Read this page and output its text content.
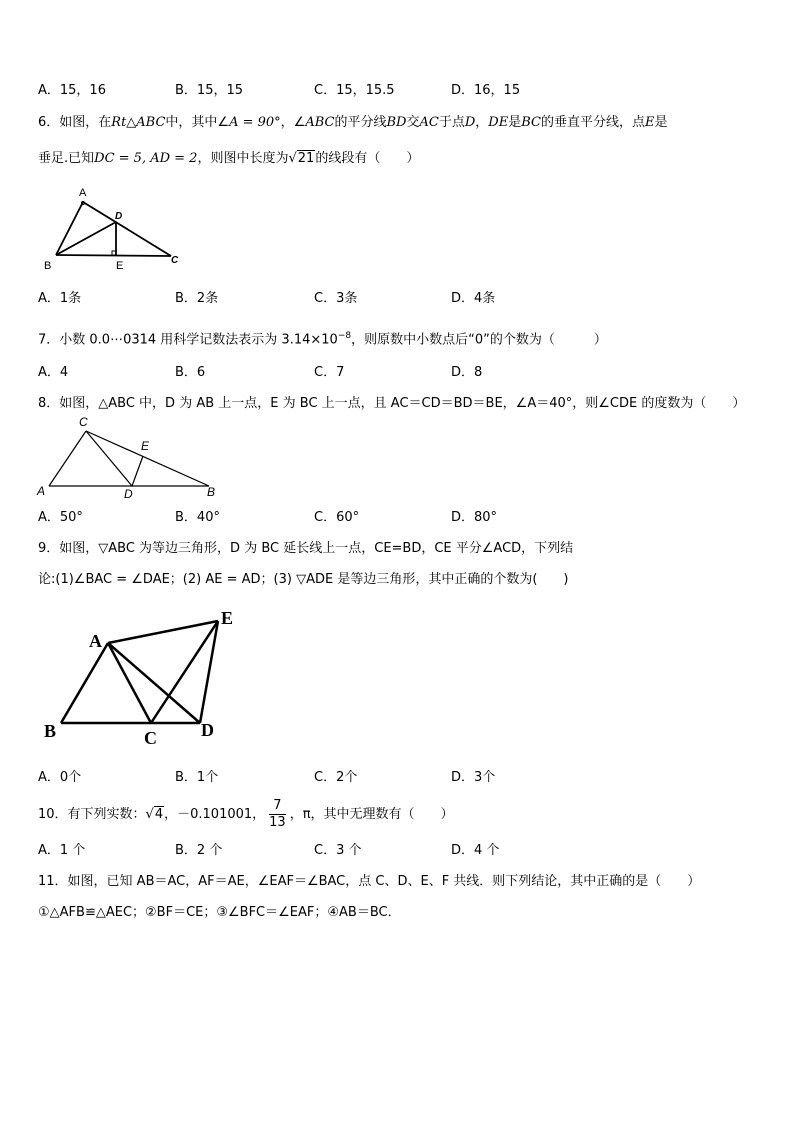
A．15，16	B．15，15	C．15，15.5	D．16，15
6．如图，在Rt△ABC中，其中∠A = 90°，∠ABC的平分线BD交AC于点D，DE是BC的垂直平分线，点E是
垂足.已知DC = 5, AD = 2，则图中长度为√21的线段有（　　）
A
B	C
D
E
A．1条	B．2条	C．3条	D．4条
7．小数 0.0⋯0314 用科学记数法表示为 $3.14\times 10^{-8}$，则原数中小数点后“0”的个数为（　　　）
A．4	B．6	C．7	D．8
8．如图，△ABC 中，D 为 AB 上一点，E 为 BC 上一点，且 AC＝CD＝BD＝BE，∠A＝40°，则∠CDE 的度数为（　　）
C
A	D	B
E
A．50°	B．40°	C．60°	D．80°
9．如图，▽ABC 为等边三角形，D 为 BC 延长线上一点，CE=BD，CE 平分∠ACD，下列结
论:(1)∠BAC = ∠DAE；(2) AE = AD；(3) ▽ADE 是等边三角形，其中正确的个数为(　　)
A
E
B	C D
A．0个	B．1个	C．2个	D．3个
10．有下列实数：√4，－0.101001， $\frac{7}{13}$ ，π，其中无理数有（　　）
A．1 个	B．2 个	C．3 个	D．4 个
11．如图，已知 AB＝AC，AF＝AE，∠EAF＝∠BAC，点 C、D、E、F 共线．则下列结论，其中正确的是（　　）
①△AFB≌△AEC；②BF＝CE；③∠BFC＝∠EAF；④AB＝BC．
